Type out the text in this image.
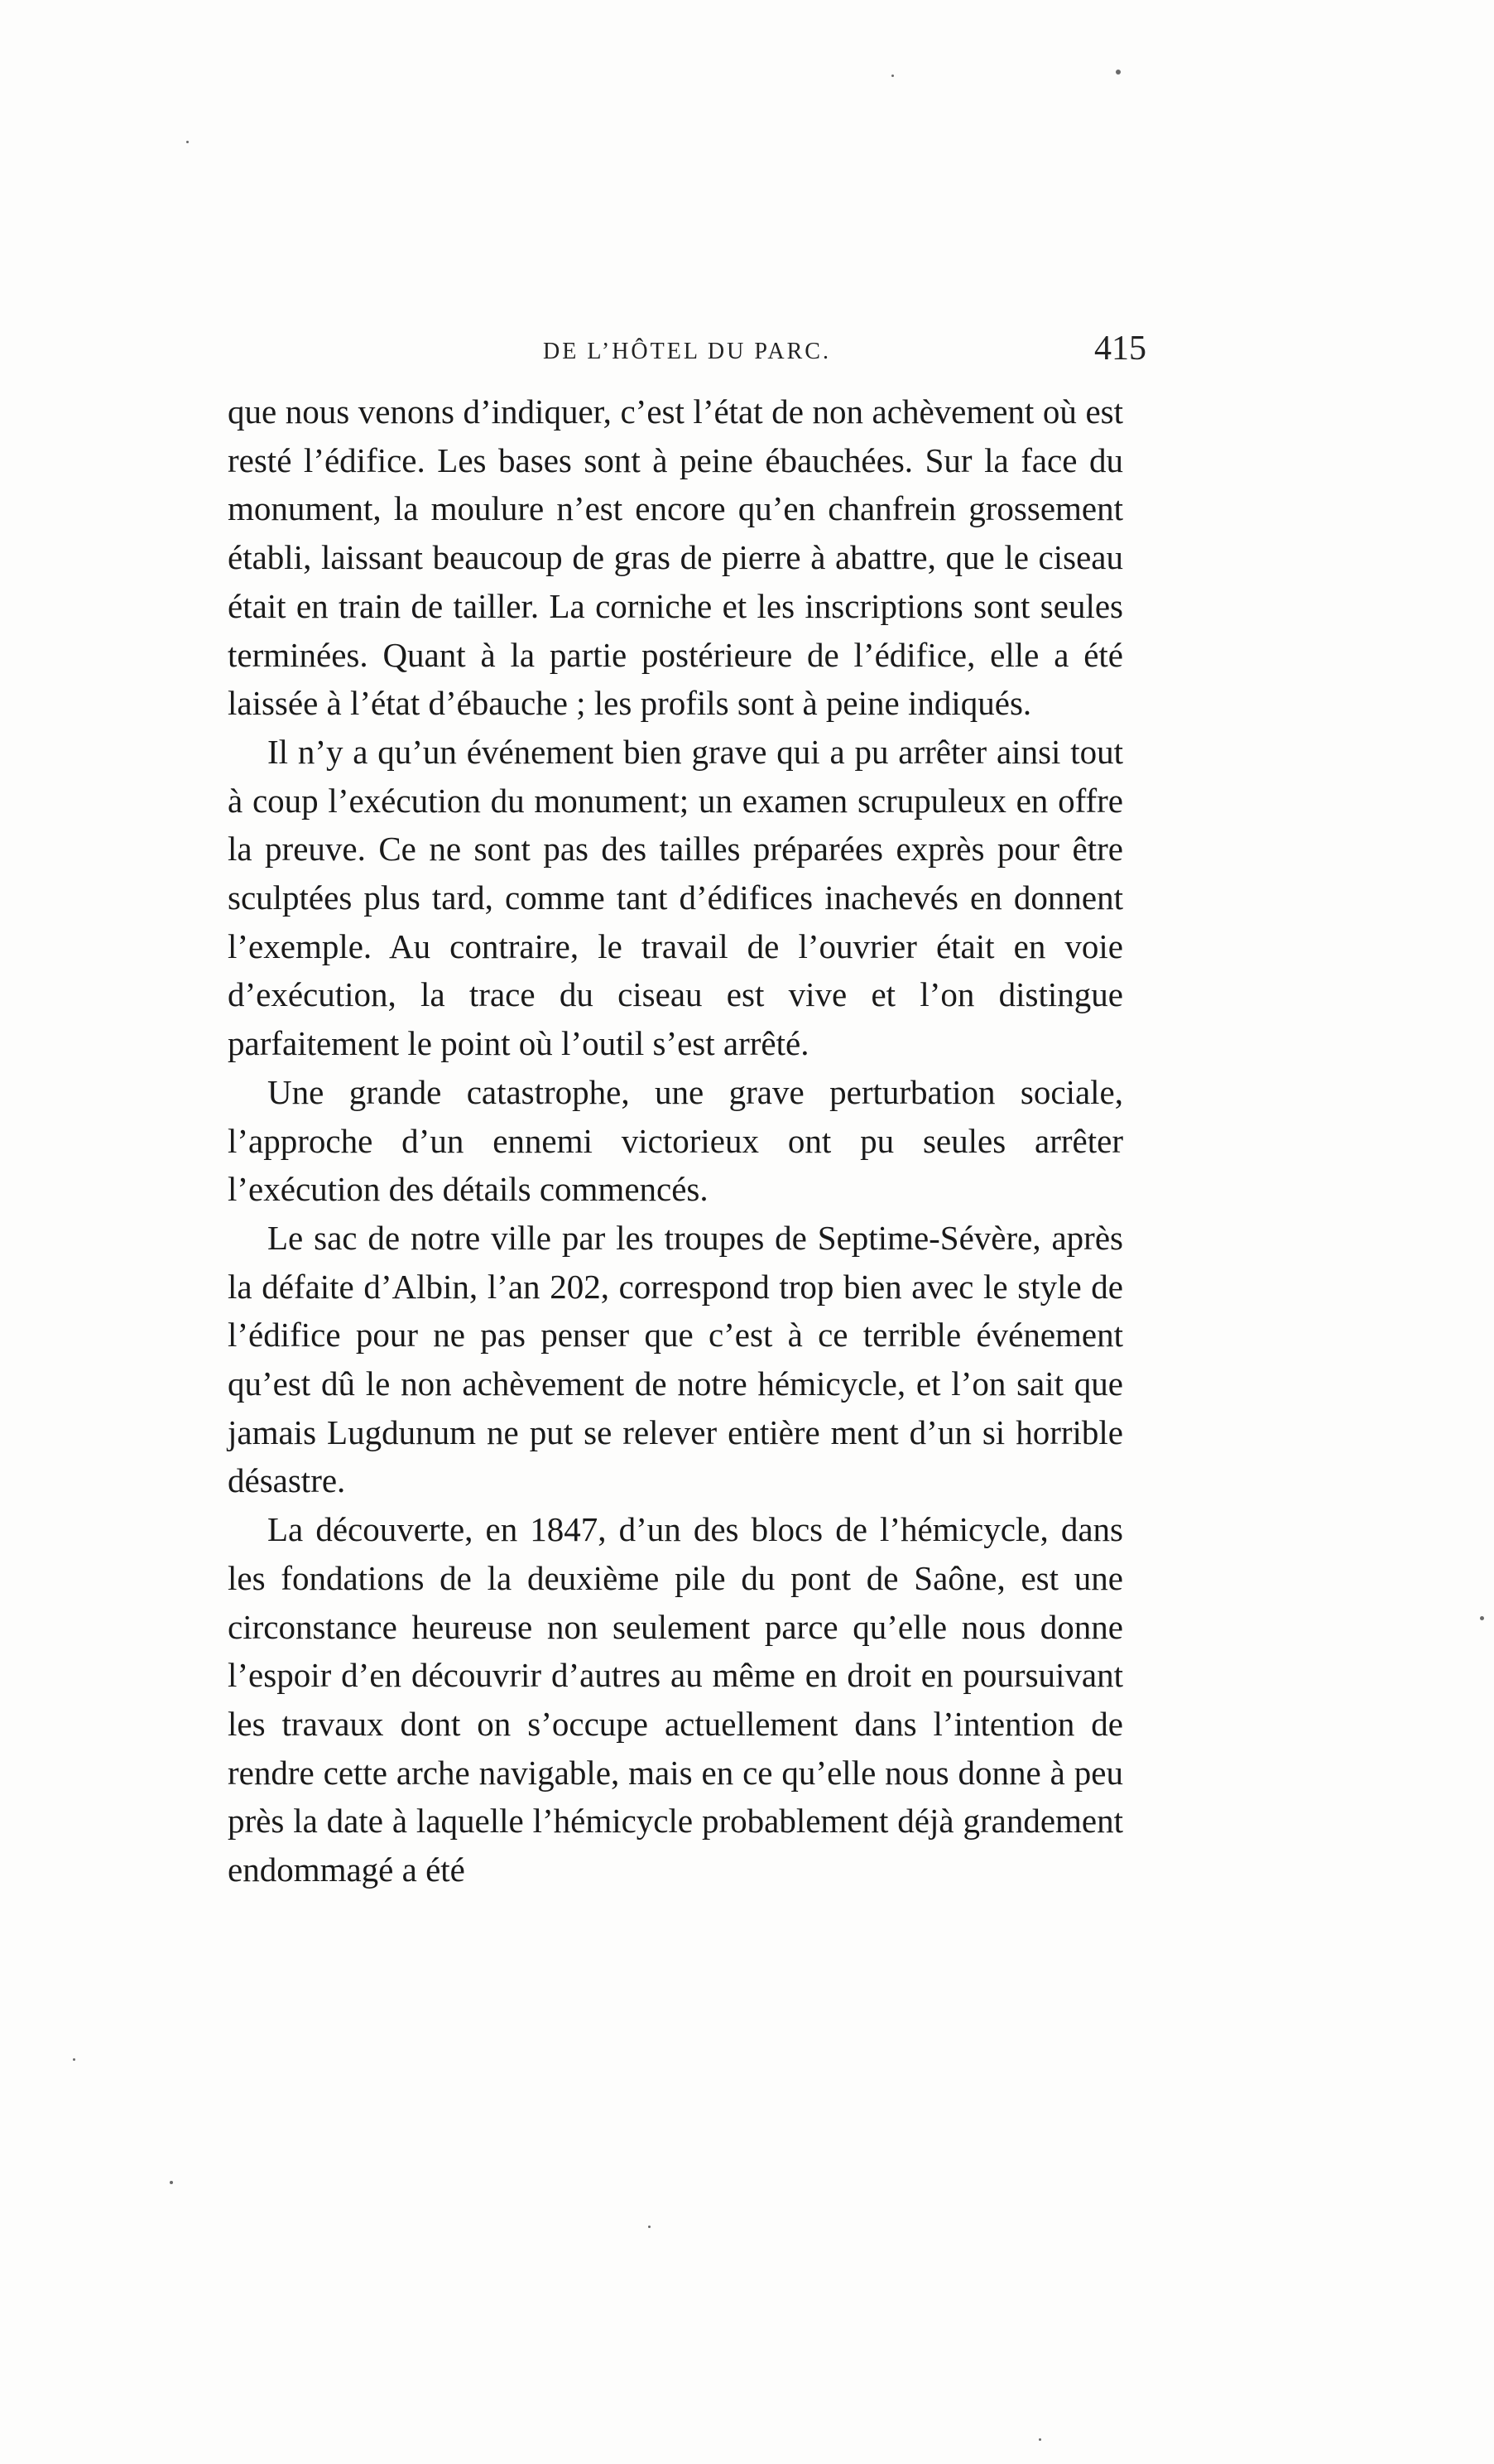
DE L’HÔTEL DU PARC.	415

que nous venons d’indiquer, c’est l’état de non achèvement où est resté l’édifice. Les bases sont à peine ébauchées. Sur la face du monument, la moulure n’est encore qu’en chanfrein grossement établi, laissant beaucoup de gras de pierre à abattre, que le ciseau était en train de tailler. La corniche et les inscriptions sont seules terminées. Quant à la partie postérieure de l’édifice, elle a été laissée à l’état d’ébauche ; les profils sont à peine indiqués.

Il n’y a qu’un événement bien grave qui a pu arrêter ainsi tout à coup l’exécution du monument; un examen scrupuleux en offre la preuve. Ce ne sont pas des tailles préparées exprès pour être sculptées plus tard, comme tant d’édifices inachevés en donnent l’exemple. Au contraire, le travail de l’ouvrier était en voie d’exécution, la trace du ciseau est vive et l’on distingue parfaitement le point où l’outil s’est arrêté.

Une grande catastrophe, une grave perturbation sociale, l’approche d’un ennemi victorieux ont pu seules arrêter l’exécution des détails commencés.

Le sac de notre ville par les troupes de Septime-Sévère, après la défaite d’Albin, l’an 202, correspond trop bien avec le style de l’édifice pour ne pas penser que c’est à ce terrible événement qu’est dû le non achèvement de notre hémicycle, et l’on sait que jamais Lugdunum ne put se relever entière ment d’un si horrible désastre.

La découverte, en 1847, d’un des blocs de l’hémicycle, dans les fondations de la deuxième pile du pont de Saône, est une circonstance heureuse non seulement parce qu’elle nous donne l’espoir d’en découvrir d’autres au même en droit en poursuivant les travaux dont on s’occupe actuellement dans l’intention de rendre cette arche navigable, mais en ce qu’elle nous donne à peu près la date à laquelle l’hémicycle probablement déjà grandement endommagé a été
